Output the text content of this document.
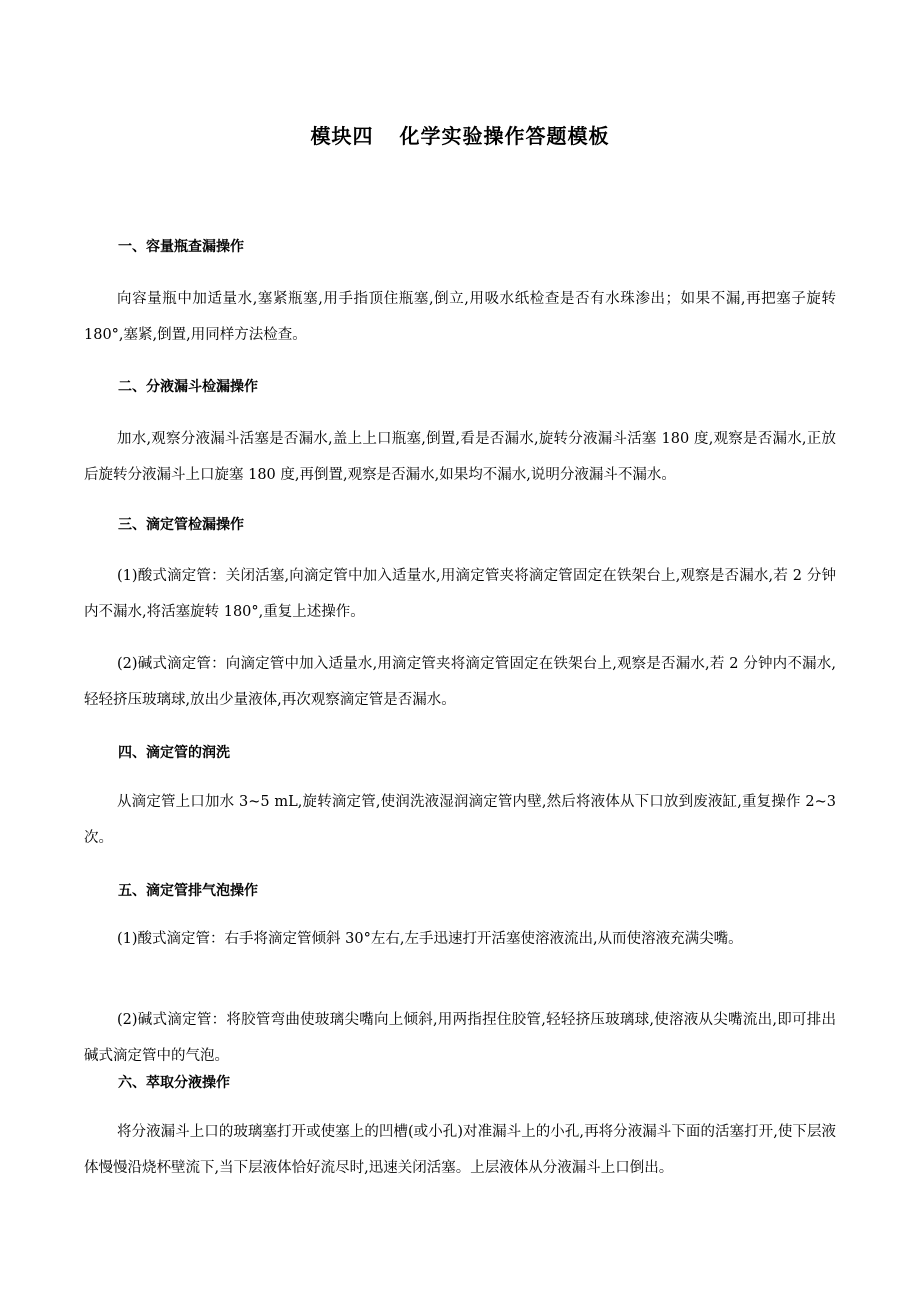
模块四 化学实验操作答题模板
一、容量瓶查漏操作
向容量瓶中加适量水,塞紧瓶塞,用手指顶住瓶塞,倒立,用吸水纸检查是否有水珠渗出；如果不漏,再把塞子旋转 180°,塞紧,倒置,用同样方法检查。
二、分液漏斗检漏操作
加水,观察分液漏斗活塞是否漏水,盖上上口瓶塞,倒置,看是否漏水,旋转分液漏斗活塞 180 度,观察是否漏水,正放后旋转分液漏斗上口旋塞 180 度,再倒置,观察是否漏水,如果均不漏水,说明分液漏斗不漏水。
三、滴定管检漏操作
(1)酸式滴定管：关闭活塞,向滴定管中加入适量水,用滴定管夹将滴定管固定在铁架台上,观察是否漏水,若 2 分钟内不漏水,将活塞旋转 180°,重复上述操作。
(2)碱式滴定管：向滴定管中加入适量水,用滴定管夹将滴定管固定在铁架台上,观察是否漏水,若 2 分钟内不漏水,轻轻挤压玻璃球,放出少量液体,再次观察滴定管是否漏水。
四、滴定管的润洗
从滴定管上口加水 3~5 mL,旋转滴定管,使润洗液湿润滴定管内壁,然后将液体从下口放到废液缸,重复操作 2~3 次。
五、滴定管排气泡操作
(1)酸式滴定管：右手将滴定管倾斜 30°左右,左手迅速打开活塞使溶液流出,从而使溶液充满尖嘴。
(2)碱式滴定管：将胶管弯曲使玻璃尖嘴向上倾斜,用两指捏住胶管,轻轻挤压玻璃球,使溶液从尖嘴流出,即可排出碱式滴定管中的气泡。
六、萃取分液操作
将分液漏斗上口的玻璃塞打开或使塞上的凹槽(或小孔)对准漏斗上的小孔,再将分液漏斗下面的活塞打开,使下层液体慢慢沿烧杯壁流下,当下层液体恰好流尽时,迅速关闭活塞。上层液体从分液漏斗上口倒出。
